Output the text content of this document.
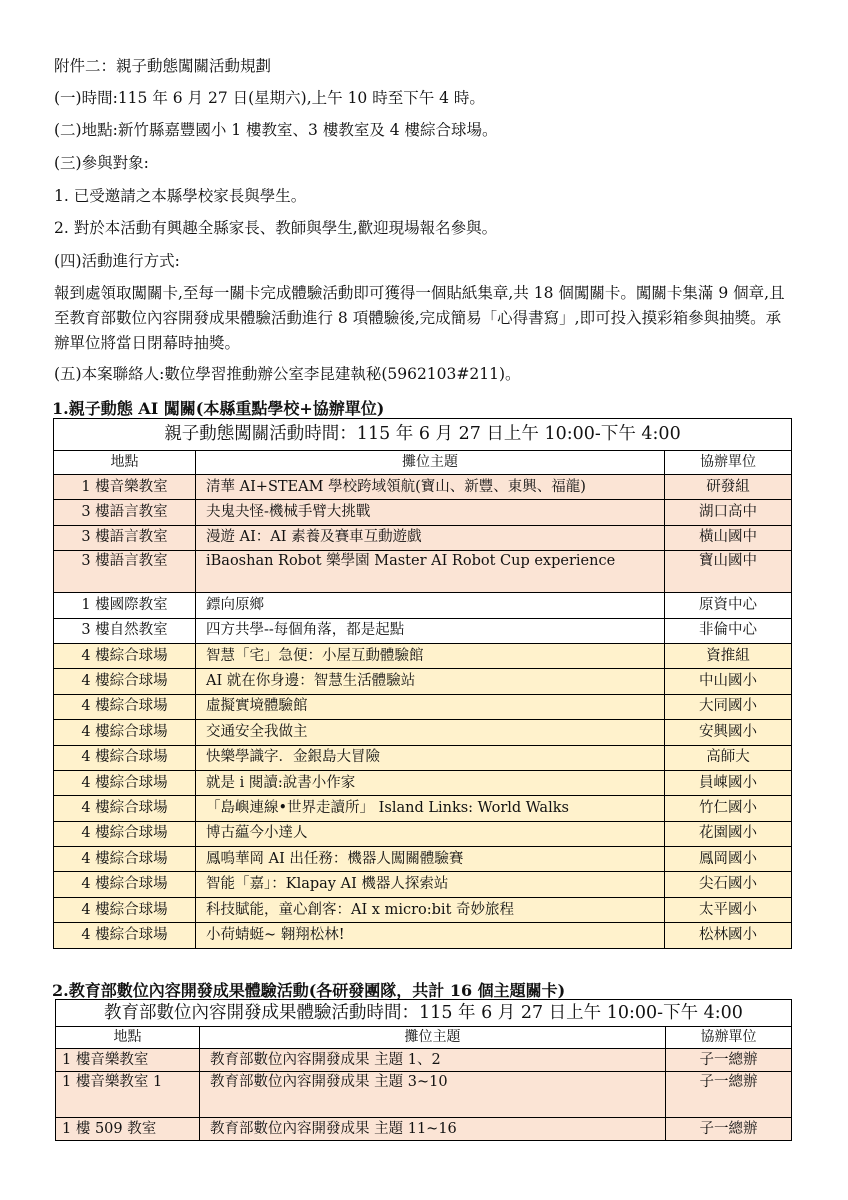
附件二：親子動態闖關活動規劃
(一)時間:115 年 6 月 27 日(星期六),上午 10 時至下午 4 時。
(二)地點:新竹縣嘉豐國小 1 樓教室、3 樓教室及 4 樓綜合球場。
(三)參與對象:
1. 已受邀請之本縣學校家長與學生。
2. 對於本活動有興趣全縣家長、教師與學生,歡迎現場報名參與。
(四)活動進行方式:
報到處領取闖關卡,至每一關卡完成體驗活動即可獲得一個貼紙集章,共 18 個闖關卡。闖關卡集滿 9 個章,且至教育部數位內容開發成果體驗活動進行 8 項體驗後,完成簡易「心得書寫」,即可投入摸彩箱參與抽獎。承辦單位將當日閉幕時抽獎。
(五)本案聯絡人:數位學習推動辦公室李昆建執秘(5962103#211)。
1.親子動態 AI 闖關(本縣重點學校+協辦單位)
親子動態闖關活動時間：115 年 6 月 27 日上午 10:00-下午 4:00		
地點	攤位主題	協辦單位
1 樓音樂教室	清華 AI+STEAM 學校跨域領航(寶山、新豐、東興、福龍)	研發組
3 樓語言教室	夬鬼夬怪-機械手臂大挑戰	湖口高中
3 樓語言教室	漫遊 AI：AI 素養及賽車互動遊戲	橫山國中
3 樓語言教室	iBaoshan Robot 樂學園 Master AI Robot Cup experience	寶山國中
1 樓國際教室	鏢向原鄉	原資中心
3 樓自然教室	四方共學--每個角落，都是起點	非倫中心
4 樓綜合球場	智慧「宅」急便：小屋互動體驗館	資推組
4 樓綜合球場	AI 就在你身邊：智慧生活體驗站	中山國小
4 樓綜合球場	虛擬實境體驗館	大同國小
4 樓綜合球場	交通安全我做主	安興國小
4 樓綜合球場	快樂學識字．金銀島大冒險	高師大
4 樓綜合球場	就是 i 閱讀:說書小作家	員崠國小
4 樓綜合球場	「島嶼連線•世界走讀所」 Island Links: World Walks	竹仁國小
4 樓綜合球場	博古藴今小達人	花園國小
4 樓綜合球場	鳳鳴華岡 AI 出任務：機器人闖關體驗賽	鳳岡國小
4 樓綜合球場	智能「嘉」：Klapay AI 機器人探索站	尖石國小
4 樓綜合球場	科技賦能，童心創客：AI x micro:bit 奇妙旅程	太平國小
4 樓綜合球場	小荷蜻蜓~ 翱翔松林!	松林國小
2.教育部數位內容開發成果體驗活動(各研發團隊，共計 16 個主題關卡)
教育部數位內容開發成果體驗活動時間：115 年 6 月 27 日上午 10:00-下午 4:00		
地點	攤位主題	協辦單位
1 樓音樂教室	教育部數位內容開發成果 主題 1、2	子一總辦
1 樓音樂教室 1	教育部數位內容開發成果 主題 3~10	子一總辦
1 樓 509 教室	教育部數位內容開發成果 主題 11~16	子一總辦
